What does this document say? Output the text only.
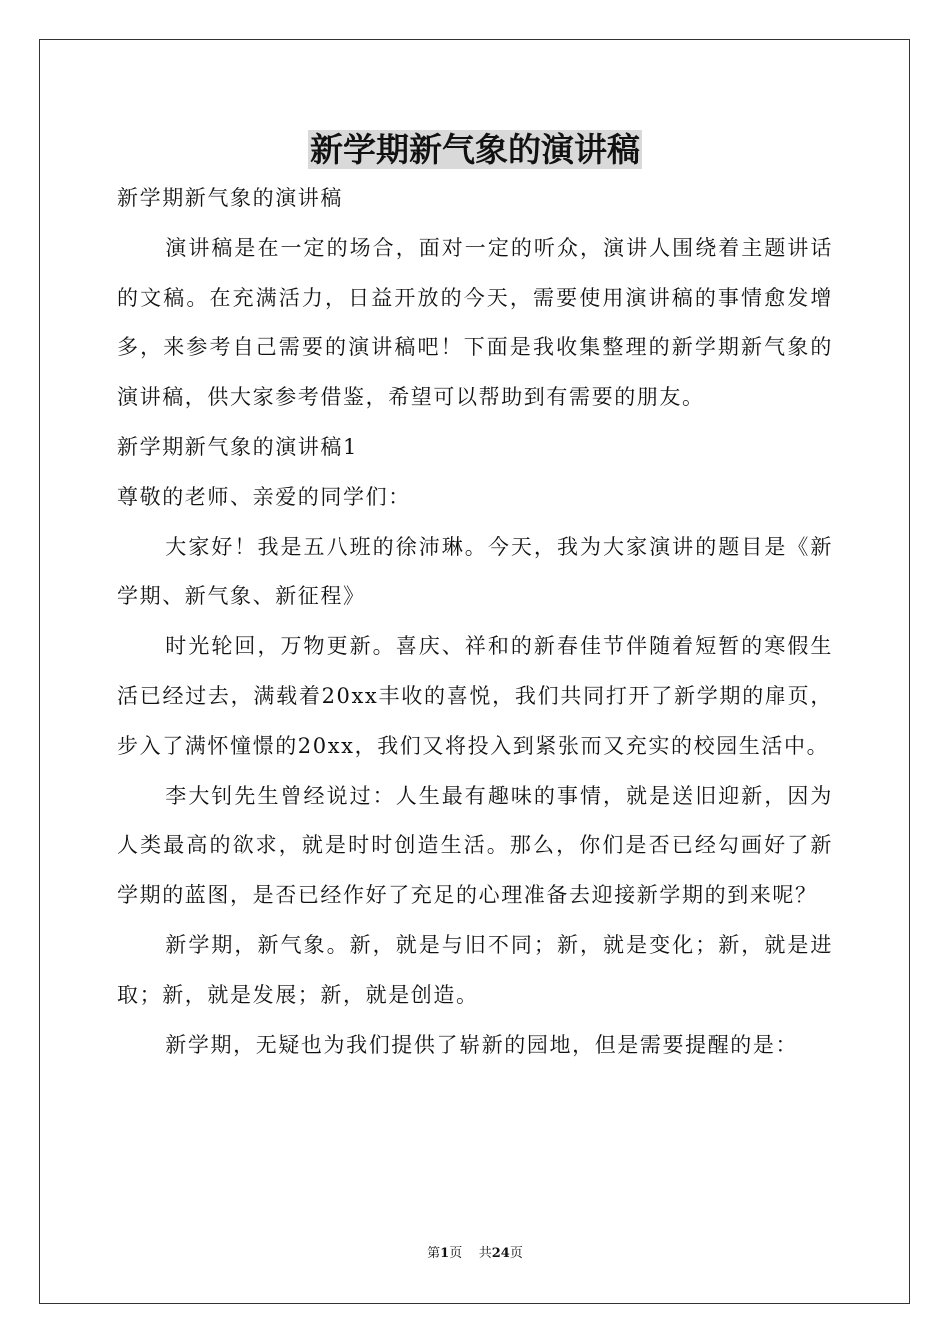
新学期新气象的演讲稿

新学期新气象的演讲稿

演讲稿是在一定的场合，面对一定的听众，演讲人围绕着主题讲话的文稿。在充满活力，日益开放的今天，需要使用演讲稿的事情愈发增多，来参考自己需要的演讲稿吧！下面是我收集整理的新学期新气象的演讲稿，供大家参考借鉴，希望可以帮助到有需要的朋友。

新学期新气象的演讲稿1

尊敬的老师、亲爱的同学们：

大家好！我是五八班的徐沛琳。今天，我为大家演讲的题目是《新学期、新气象、新征程》

时光轮回，万物更新。喜庆、祥和的新春佳节伴随着短暂的寒假生活已经过去，满载着20xx丰收的喜悦，我们共同打开了新学期的扉页，步入了满怀憧憬的20xx，我们又将投入到紧张而又充实的校园生活中。

李大钊先生曾经说过：人生最有趣味的事情，就是送旧迎新，因为人类最高的欲求，就是时时创造生活。那么，你们是否已经勾画好了新学期的蓝图，是否已经作好了充足的心理准备去迎接新学期的到来呢？

新学期，新气象。新，就是与旧不同；新，就是变化；新，就是进取；新，就是发展；新，就是创造。

新学期，无疑也为我们提供了崭新的园地，但是需要提醒的是：

第1页 共24页
